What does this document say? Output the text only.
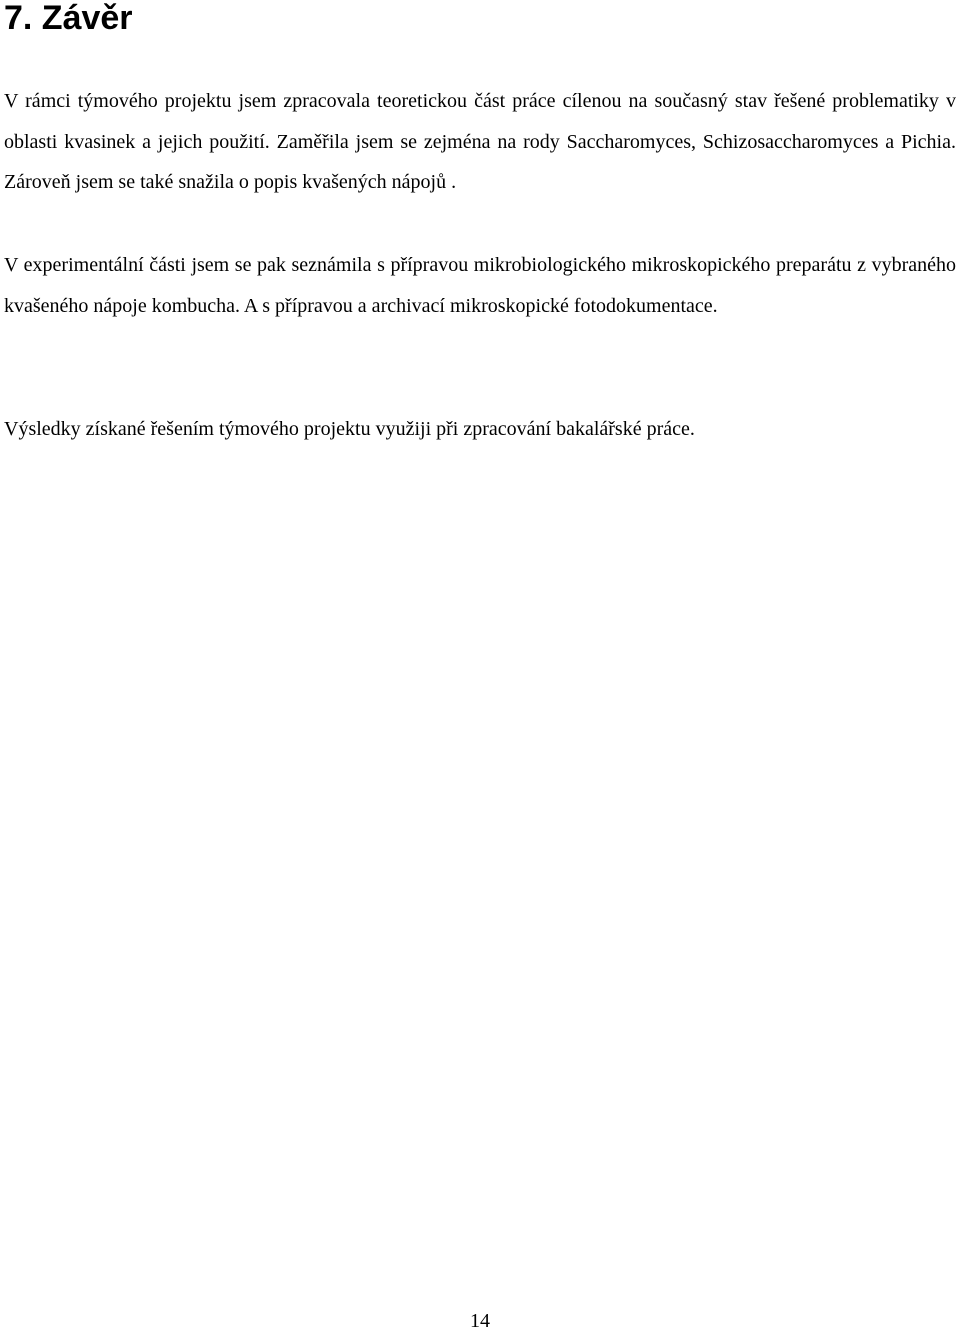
7. Závěr

V rámci týmového projektu jsem zpracovala teoretickou část práce cílenou na současný stav řešené problematiky v oblasti kvasinek a jejich použití. Zaměřila jsem se zejména na rody Saccharomyces, Schizosaccharomyces a Pichia. Zároveň jsem se také snažila o popis kvašených nápojů .

V experimentální části jsem se pak seznámila s přípravou mikrobiologického mikroskopického preparátu z vybraného kvašeného nápoje kombucha. A s přípravou a archivací mikroskopické fotodokumentace.

Výsledky získané řešením týmového projektu využiji při zpracování bakalářské práce.

14
